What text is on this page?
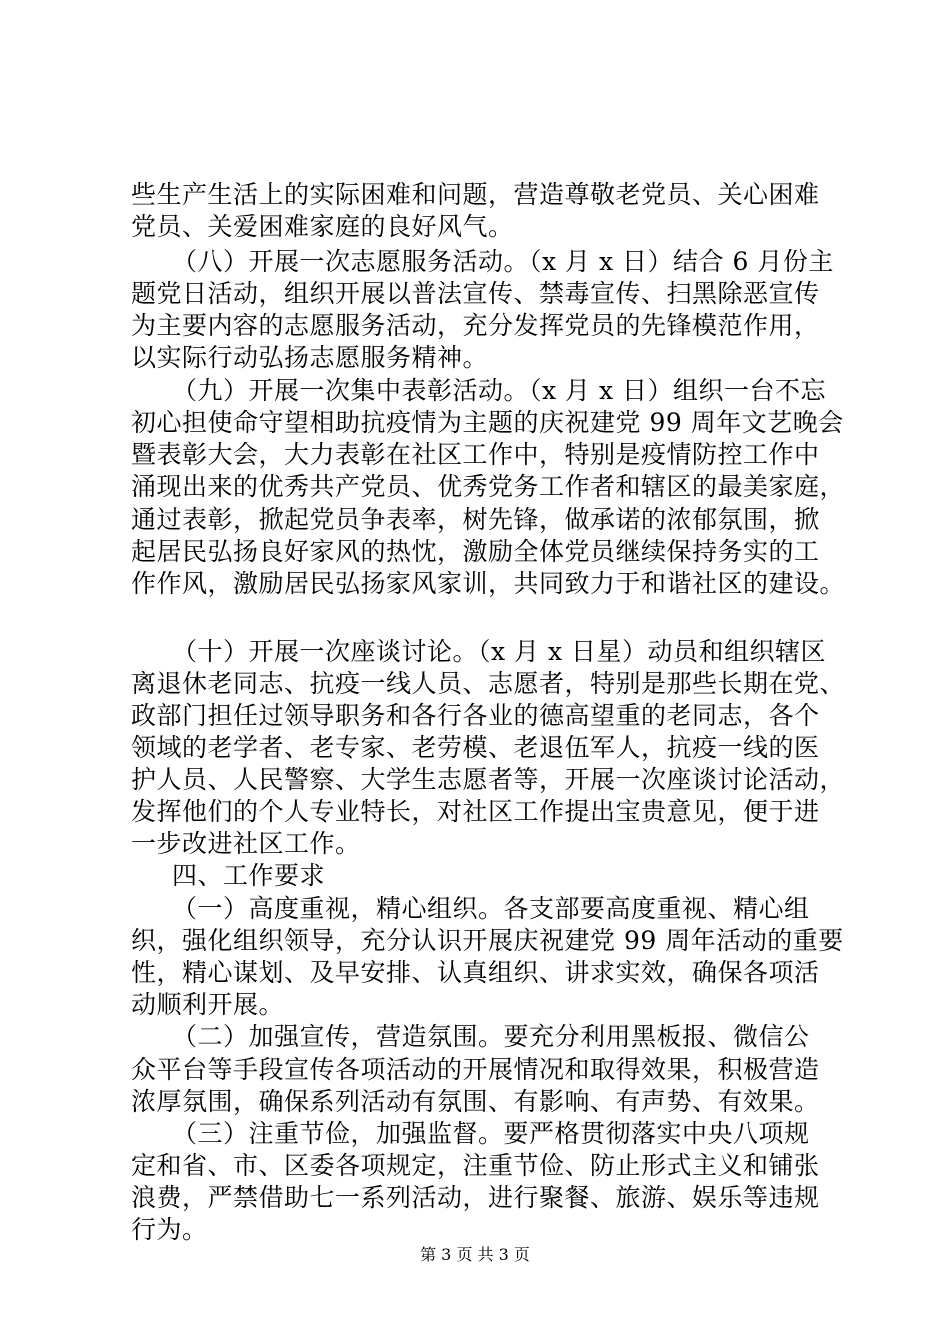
些生产生活上的实际困难和问题，营造尊敬老党员、关心困难
党员、关爱困难家庭的良好风气。
（八）开展一次志愿服务活动。（x 月 x 日）结合 6 月份主
题党日活动，组织开展以普法宣传、禁毒宣传、扫黑除恶宣传
为主要内容的志愿服务活动，充分发挥党员的先锋模范作用，
以实际行动弘扬志愿服务精神。
（九）开展一次集中表彰活动。（x 月 x 日）组织一台不忘
初心担使命守望相助抗疫情为主题的庆祝建党 99 周年文艺晚会
暨表彰大会，大力表彰在社区工作中，特别是疫情防控工作中
涌现出来的优秀共产党员、优秀党务工作者和辖区的最美家庭，
通过表彰，掀起党员争表率，树先锋，做承诺的浓郁氛围，掀
起居民弘扬良好家风的热忱，激励全体党员继续保持务实的工
作作风，激励居民弘扬家风家训，共同致力于和谐社区的建设。
（十）开展一次座谈讨论。（x 月 x 日星）动员和组织辖区
离退休老同志、抗疫一线人员、志愿者，特别是那些长期在党、
政部门担任过领导职务和各行各业的德高望重的老同志，各个
领域的老学者、老专家、老劳模、老退伍军人，抗疫一线的医
护人员、人民警察、大学生志愿者等，开展一次座谈讨论活动，
发挥他们的个人专业特长，对社区工作提出宝贵意见，便于进
一步改进社区工作。
四、工作要求
（一）高度重视，精心组织。各支部要高度重视、精心组
织，强化组织领导，充分认识开展庆祝建党 99 周年活动的重要
性，精心谋划、及早安排、认真组织、讲求实效，确保各项活
动顺利开展。
（二）加强宣传，营造氛围。要充分利用黑板报、微信公
众平台等手段宣传各项活动的开展情况和取得效果，积极营造
浓厚氛围，确保系列活动有氛围、有影响、有声势、有效果。
（三）注重节俭，加强监督。要严格贯彻落实中央八项规
定和省、市、区委各项规定，注重节俭、防止形式主义和铺张
浪费，严禁借助七一系列活动，进行聚餐、旅游、娱乐等违规
行为。
第 3 页 共 3 页
